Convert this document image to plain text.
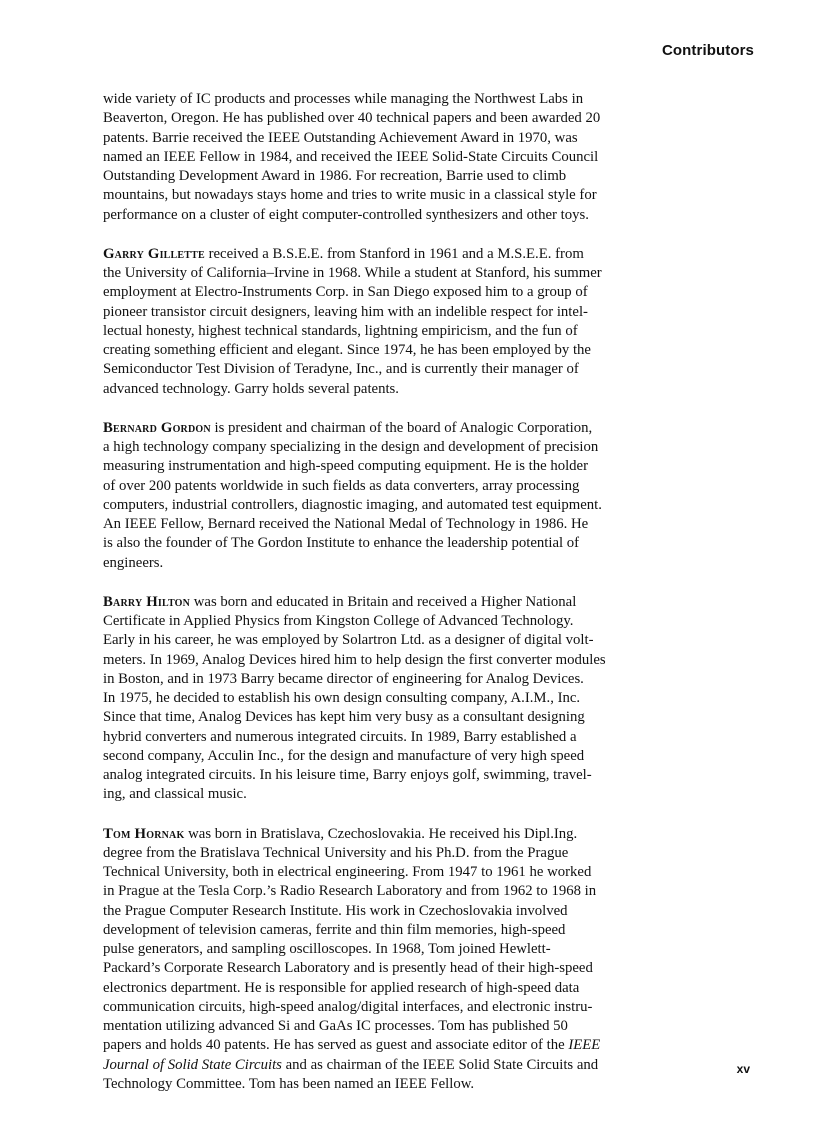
Contributors

wide variety of IC products and processes while managing the Northwest Labs in
Beaverton, Oregon. He has published over 40 technical papers and been awarded 20
patents. Barrie received the IEEE Outstanding Achievement Award in 1970, was
named an IEEE Fellow in 1984, and received the IEEE Solid-State Circuits Council
Outstanding Development Award in 1986. For recreation, Barrie used to climb
mountains, but nowadays stays home and tries to write music in a classical style for
performance on a cluster of eight computer-controlled synthesizers and other toys.

Garry Gillette received a B.S.E.E. from Stanford in 1961 and a M.S.E.E. from
the University of California–Irvine in 1968. While a student at Stanford, his summer
employment at Electro-Instruments Corp. in San Diego exposed him to a group of
pioneer transistor circuit designers, leaving him with an indelible respect for intel-
lectual honesty, highest technical standards, lightning empiricism, and the fun of
creating something efficient and elegant. Since 1974, he has been employed by the
Semiconductor Test Division of Teradyne, Inc., and is currently their manager of
advanced technology. Garry holds several patents.

Bernard Gordon is president and chairman of the board of Analogic Corporation,
a high technology company specializing in the design and development of precision
measuring instrumentation and high-speed computing equipment. He is the holder
of over 200 patents worldwide in such fields as data converters, array processing
computers, industrial controllers, diagnostic imaging, and automated test equipment.
An IEEE Fellow, Bernard received the National Medal of Technology in 1986. He
is also the founder of The Gordon Institute to enhance the leadership potential of
engineers.

Barry Hilton was born and educated in Britain and received a Higher National
Certificate in Applied Physics from Kingston College of Advanced Technology.
Early in his career, he was employed by Solartron Ltd. as a designer of digital volt-
meters. In 1969, Analog Devices hired him to help design the first converter modules
in Boston, and in 1973 Barry became director of engineering for Analog Devices.
In 1975, he decided to establish his own design consulting company, A.I.M., Inc.
Since that time, Analog Devices has kept him very busy as a consultant designing
hybrid converters and numerous integrated circuits. In 1989, Barry established a
second company, Acculin Inc., for the design and manufacture of very high speed
analog integrated circuits. In his leisure time, Barry enjoys golf, swimming, travel-
ing, and classical music.

Tom Hornak was born in Bratislava, Czechoslovakia. He received his Dipl.Ing.
degree from the Bratislava Technical University and his Ph.D. from the Prague
Technical University, both in electrical engineering. From 1947 to 1961 he worked
in Prague at the Tesla Corp.’s Radio Research Laboratory and from 1962 to 1968 in
the Prague Computer Research Institute. His work in Czechoslovakia involved
development of television cameras, ferrite and thin film memories, high-speed
pulse generators, and sampling oscilloscopes. In 1968, Tom joined Hewlett-
Packard’s Corporate Research Laboratory and is presently head of their high-speed
electronics department. He is responsible for applied research of high-speed data
communication circuits, high-speed analog/digital interfaces, and electronic instru-
mentation utilizing advanced Si and GaAs IC processes. Tom has published 50
papers and holds 40 patents. He has served as guest and associate editor of the IEEE
Journal of Solid State Circuits and as chairman of the IEEE Solid State Circuits and
Technology Committee. Tom has been named an IEEE Fellow.

xv
